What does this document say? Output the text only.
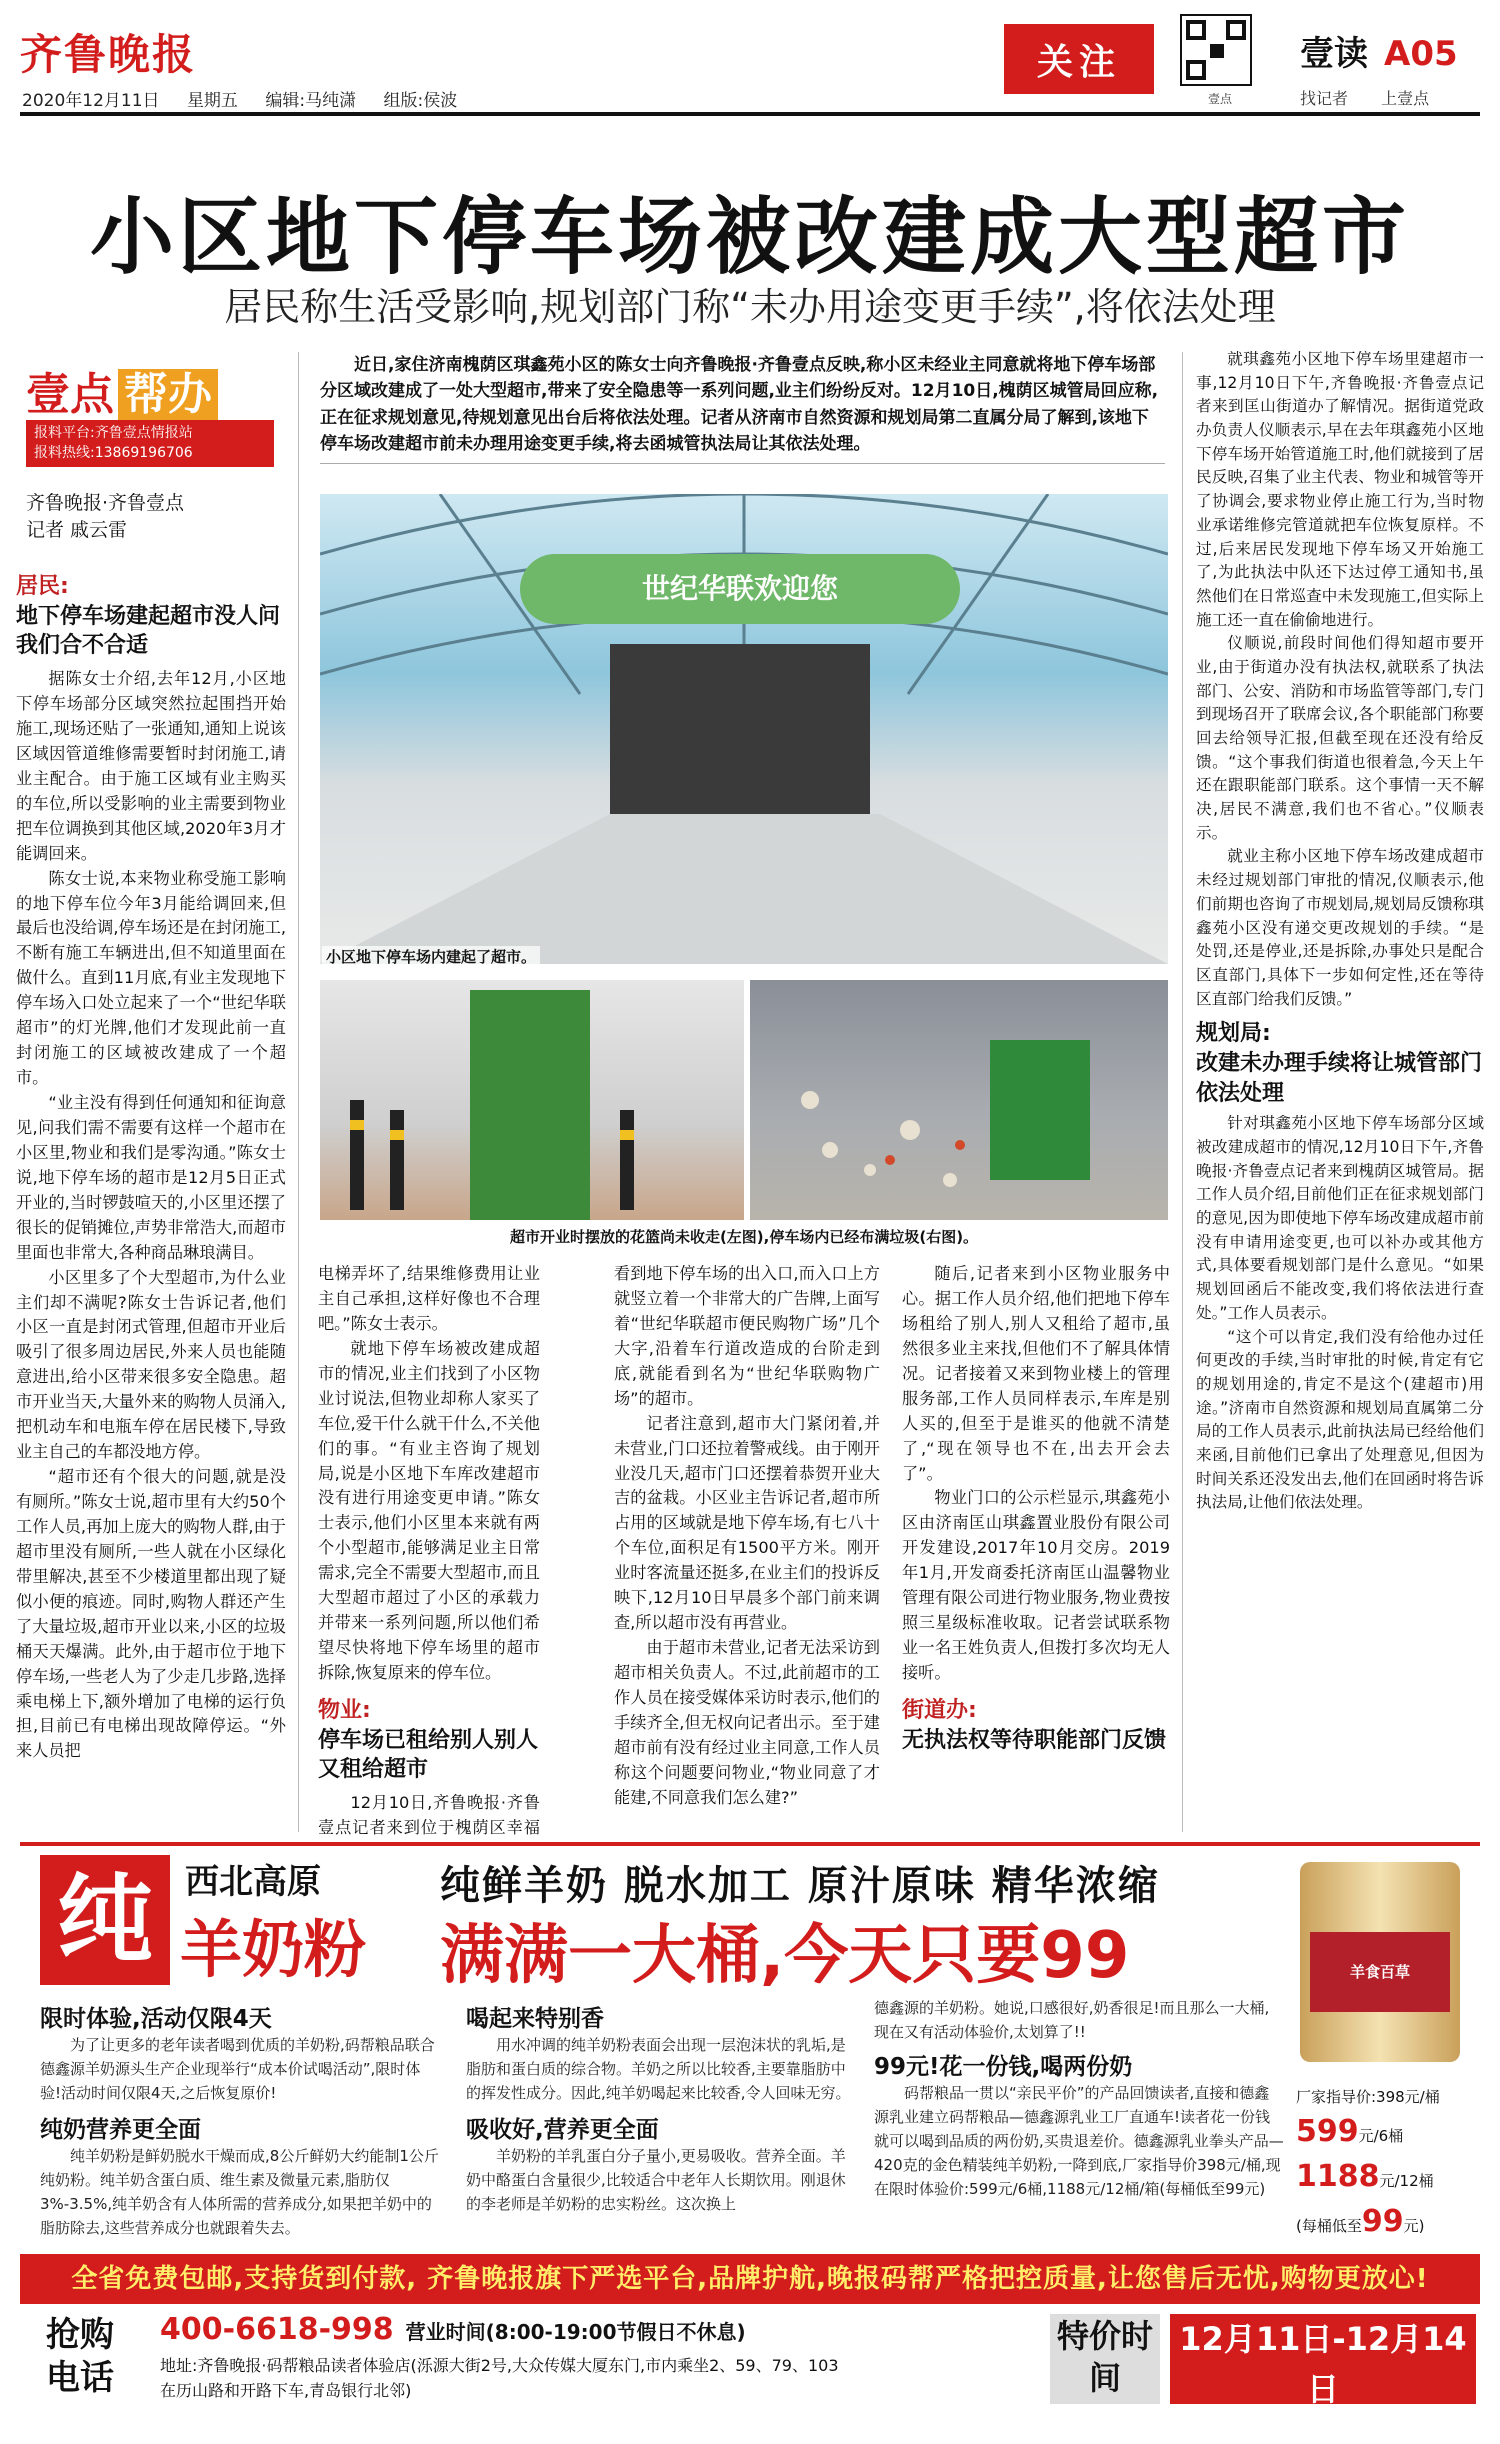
齐鲁晚报
2020年12月11日 星期五 编辑:马纯潇 组版:侯波
关注
壹点
壹读 A05
找记者 上壹点
小区地下停车场被改建成大型超市
居民称生活受影响,规划部门称“未办用途变更手续”,将依法处理
壹点 帮办
报料平台:齐鲁壹点情报站
报料热线:13869196706
齐鲁晚报·齐鲁壹点
记者 戚云雷
近日,家住济南槐荫区琪鑫苑小区的陈女士向齐鲁晚报·齐鲁壹点反映,称小区未经业主同意就将地下停车场部分区域改建成了一处大型超市,带来了安全隐患等一系列问题,业主们纷纷反对。12月10日,槐荫区城管局回应称,正在征求规划意见,待规划意见出台后将依法处理。记者从济南市自然资源和规划局第二直属分局了解到,该地下停车场改建超市前未办理用途变更手续,将去函城管执法局让其依法处理。
世纪华联欢迎您
小区地下停车场内建起了超市。
超市开业时摆放的花篮尚未收走(左图),停车场内已经布满垃圾(右图)。
居民:
地下停车场建起超市没人问我们合不合适

据陈女士介绍,去年12月,小区地下停车场部分区域突然拉起围挡开始施工,现场还贴了一张通知,通知上说该区域因管道维修需要暂时封闭施工,请业主配合。由于施工区域有业主购买的车位,所以受影响的业主需要到物业把车位调换到其他区域,2020年3月才能调回来。

陈女士说,本来物业称受施工影响的地下停车位今年3月能给调回来,但最后也没给调,停车场还是在封闭施工,不断有施工车辆进出,但不知道里面在做什么。直到11月底,有业主发现地下停车场入口处立起来了一个“世纪华联超市”的灯光牌,他们才发现此前一直封闭施工的区域被改建成了一个超市。

“业主没有得到任何通知和征询意见,问我们需不需要有这样一个超市在小区里,物业和我们是零沟通。”陈女士说,地下停车场的超市是12月5日正式开业的,当时锣鼓喧天的,小区里还摆了很长的促销摊位,声势非常浩大,而超市里面也非常大,各种商品琳琅满目。

小区里多了个大型超市,为什么业主们却不满呢?陈女士告诉记者,他们小区一直是封闭式管理,但超市开业后吸引了很多周边居民,外来人员也能随意进出,给小区带来很多安全隐患。超市开业当天,大量外来的购物人员涌入,把机动车和电瓶车停在居民楼下,导致业主自己的车都没地方停。

“超市还有个很大的问题,就是没有厕所。”陈女士说,超市里有大约50个工作人员,再加上庞大的购物人群,由于超市里没有厕所,一些人就在小区绿化带里解决,甚至不少楼道里都出现了疑似小便的痕迹。同时,购物人群还产生了大量垃圾,超市开业以来,小区的垃圾桶天天爆满。此外,由于超市位于地下停车场,一些老人为了少走几步路,选择乘电梯上下,额外增加了电梯的运行负担,目前已有电梯出现故障停运。“外来人员把

电梯弄坏了,结果维修费用让业主自己承担,这样好像也不合理吧。”陈女士表示。

就地下停车场被改建成超市的情况,业主们找到了小区物业讨说法,但物业却称人家买了车位,爱干什么就干什么,不关他们的事。“有业主咨询了规划局,说是小区地下车库改建超市没有进行用途变更申请。”陈女士表示,他们小区里本来就有两个小型超市,能够满足业主日常需求,完全不需要大型超市,而且大型超市超过了小区的承载力并带来一系列问题,所以他们希望尽快将地下停车场里的超市拆除,恢复原来的停车位。

物业:
停车场已租给别人别人又租给超市

12月10日,齐鲁晚报·齐鲁壹点记者来到位于槐荫区幸福

看到地下停车场的出入口,而入口上方就竖立着一个非常大的广告牌,上面写着“世纪华联超市便民购物广场”几个大字,沿着车行道改造成的台阶走到底,就能看到名为“世纪华联购物广场”的超市。

记者注意到,超市大门紧闭着,并未营业,门口还拉着警戒线。由于刚开业没几天,超市门口还摆着恭贺开业大吉的盆栽。小区业主告诉记者,超市所占用的区域就是地下停车场,有七八十个车位,面积足有1500平方米。刚开业时客流量还挺多,在业主们的投诉反映下,12月10日早晨多个部门前来调查,所以超市没有再营业。

由于超市未营业,记者无法采访到超市相关负责人。不过,此前超市的工作人员在接受媒体采访时表示,他们的手续齐全,但无权向记者出示。至于建超市前有没有经过业主同意,工作人员称这个问题要问物业,“物业同意了才能建,不同意我们怎么建?”

随后,记者来到小区物业服务中心。据工作人员介绍,他们把地下停车场租给了别人,别人又租给了超市,虽然很多业主来找,但他们不了解具体情况。记者接着又来到物业楼上的管理服务部,工作人员同样表示,车库是别人买的,但至于是谁买的他就不清楚了,“现在领导也不在,出去开会去了”。

物业门口的公示栏显示,琪鑫苑小区由济南匡山琪鑫置业股份有限公司开发建设,2017年10月交房。2019年1月,开发商委托济南匡山温馨物业管理有限公司进行物业服务,物业费按照三星级标准收取。记者尝试联系物业一名王姓负责人,但拨打多次均无人接听。

街道办:
无执法权等待职能部门反馈

就琪鑫苑小区地下停车场里建超市一事,12月10日下午,齐鲁晚报·齐鲁壹点记者来到匡山街道办了解情况。据街道党政办负责人仪顺表示,早在去年琪鑫苑小区地下停车场开始管道施工时,他们就接到了居民反映,召集了业主代表、物业和城管等开了协调会,要求物业停止施工行为,当时物业承诺维修完管道就把车位恢复原样。不过,后来居民发现地下停车场又开始施工了,为此执法中队还下达过停工通知书,虽然他们在日常巡查中未发现施工,但实际上施工还一直在偷偷地进行。

仪顺说,前段时间他们得知超市要开业,由于街道办没有执法权,就联系了执法部门、公安、消防和市场监管等部门,专门到现场召开了联席会议,各个职能部门称要回去给领导汇报,但截至现在还没有给反馈。“这个事我们街道也很着急,今天上午还在跟职能部门联系。这个事情一天不解决,居民不满意,我们也不省心。”仪顺表示。

就业主称小区地下停车场改建成超市未经过规划部门审批的情况,仪顺表示,他们前期也咨询了市规划局,规划局反馈称琪鑫苑小区没有递交更改规划的手续。“是处罚,还是停业,还是拆除,办事处只是配合区直部门,具体下一步如何定性,还在等待区直部门给我们反馈。”

规划局:
改建未办理手续将让城管部门依法处理

针对琪鑫苑小区地下停车场部分区域被改建成超市的情况,12月10日下午,齐鲁晚报·齐鲁壹点记者来到槐荫区城管局。据工作人员介绍,目前他们正在征求规划部门的意见,因为即使地下停车场改建成超市前没有申请用途变更,也可以补办或其他方式,具体要看规划部门是什么意见。“如果规划回函后不能改变,我们将依法进行查处。”工作人员表示。

“这个可以肯定,我们没有给他办过任何更改的手续,当时审批的时候,肯定有它的规划用途的,肯定不是这个(建超市)用途。”济南市自然资源和规划局直属第二分局的工作人员表示,此前执法局已经给他们来函,目前他们已拿出了处理意见,但因为时间关系还没发出去,他们在回函时将告诉执法局,让他们依法处理。

纯 西北高原
羊奶粉
纯鲜羊奶 脱水加工 原汁原味 精华浓缩
满满一大桶,今天只要99
限时体验,活动仅限4天
为了让更多的老年读者喝到优质的羊奶粉,码帮粮品联合德鑫源羊奶源头生产企业现举行“成本价试喝活动”,限时体验!活动时间仅限4天,之后恢复原价!
纯奶营养更全面
纯羊奶粉是鲜奶脱水干燥而成,8公斤鲜奶大约能制1公斤纯奶粉。纯羊奶含蛋白质、维生素及微量元素,脂肪仅3%-3.5%,纯羊奶含有人体所需的营养成分,如果把羊奶中的脂肪除去,这些营养成分也就跟着失去。
喝起来特别香
用水冲调的纯羊奶粉表面会出现一层泡沫状的乳垢,是脂肪和蛋白质的综合物。羊奶之所以比较香,主要靠脂肪中的挥发性成分。因此,纯羊奶喝起来比较香,令人回味无穷。
吸收好,营养更全面
羊奶粉的羊乳蛋白分子量小,更易吸收。营养全面。羊奶中酪蛋白含量很少,比较适合中老年人长期饮用。刚退休的李老师是羊奶粉的忠实粉丝。这次换上
德鑫源的羊奶粉。她说,口感很好,奶香很足!而且那么一大桶,现在又有活动体验价,太划算了!!
99元!花一份钱,喝两份奶
码帮粮品一贯以“亲民平价”的产品回馈读者,直接和德鑫源乳业建立码帮粮品—德鑫源乳业工厂直通车!读者花一份钱就可以喝到品质的两份奶,买贵退差价。德鑫源乳业拳头产品—420克的金色精装纯羊奶粉,一降到底,厂家指导价398元/桶,现在限时体验价:599元/6桶,1188元/12桶/箱(每桶低至99元)
羊食百草
厂家指导价:398元/桶
599元/6桶
1188元/12桶
(每桶低至99元)
全省免费包邮,支持货到付款, 齐鲁晚报旗下严选平台,品牌护航,晚报码帮严格把控质量,让您售后无忧,购物更放心!
抢购电话
400-6618-998 营业时间(8:00-19:00节假日不休息)
地址:齐鲁晚报·码帮粮品读者体验店(泺源大街2号,大众传媒大厦东门,市内乘坐2、59、79、103
在历山路和开路下车,青岛银行北邻)
特价时间
12月11日-12月14日
全省包邮,支持货到付款
